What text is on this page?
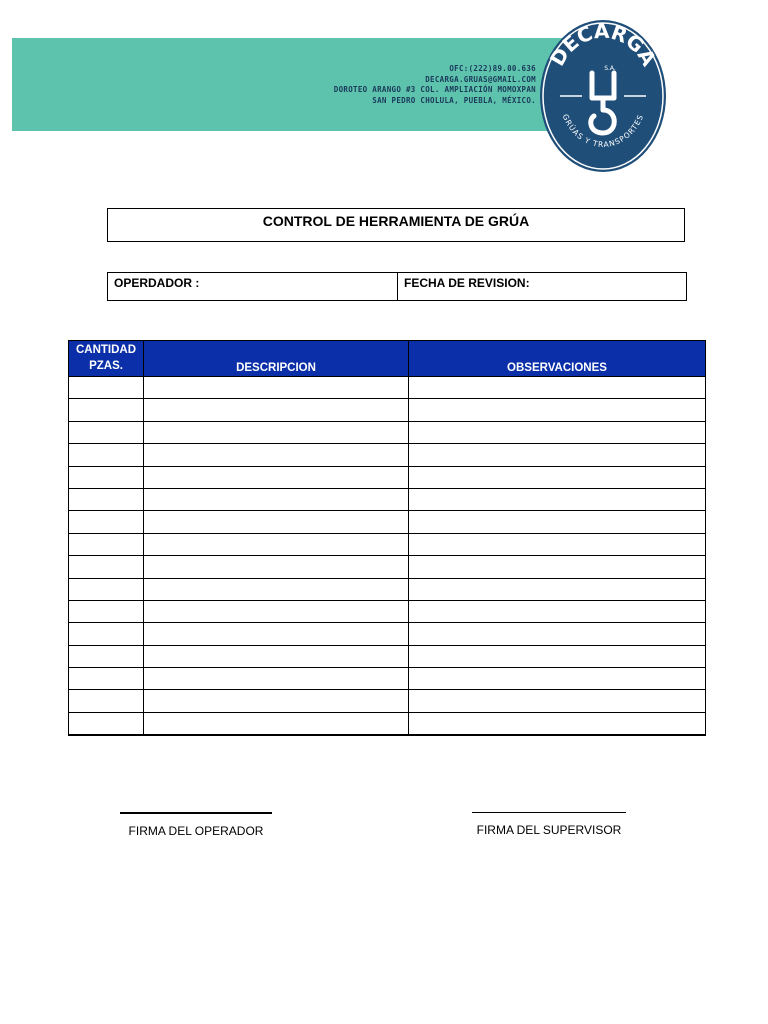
OFC:(222)89.00.636
DECARGA.GRUAS@GMAIL.COM
DOROTEO ARANGO #3 COL. AMPLIACIÓN MOMOXPAN
SAN PEDRO CHOLULA, PUEBLA, MÉXICO.
DECARGA
S.A.
GRÚAS Y TRANSPORTES
CONTROL DE HERRAMIENTA DE GRÚA
OPERDADOR :	FECHA DE REVISION:
CANTIDAD
PZAS.	DESCRIPCION	OBSERVACIONES

FIRMA DEL OPERADOR	FIRMA DEL SUPERVISOR
